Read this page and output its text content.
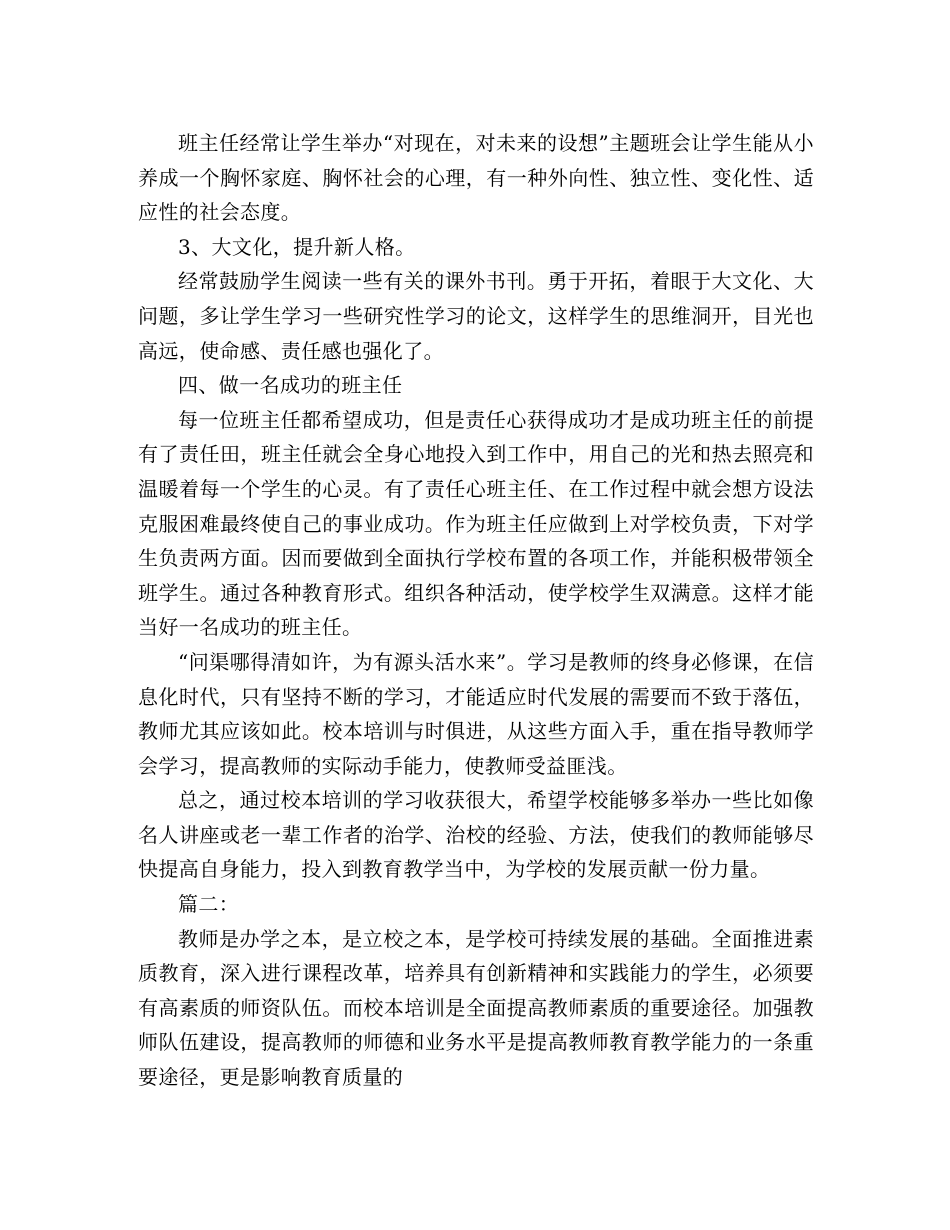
班主任经常让学生举办“对现在，对未来的设想”主题班会让学生能从小养成一个胸怀家庭、胸怀社会的心理，有一种外向性、独立性、变化性、适应性的社会态度。

3、大文化，提升新人格。

经常鼓励学生阅读一些有关的课外书刊。勇于开拓，着眼于大文化、大问题，多让学生学习一些研究性学习的论文，这样学生的思维洞开，目光也高远，使命感、责任感也强化了。

四、做一名成功的班主任

每一位班主任都希望成功，但是责任心获得成功才是成功班主任的前提有了责任田，班主任就会全身心地投入到工作中，用自己的光和热去照亮和温暖着每一个学生的心灵。有了责任心班主任、在工作过程中就会想方设法克服困难最终使自己的事业成功。作为班主任应做到上对学校负责，下对学生负责两方面。因而要做到全面执行学校布置的各项工作，并能积极带领全班学生。通过各种教育形式。组织各种活动，使学校学生双满意。这样才能当好一名成功的班主任。

“问渠哪得清如许，为有源头活水来”。学习是教师的终身必修课，在信息化时代，只有坚持不断的学习，才能适应时代发展的需要而不致于落伍，教师尤其应该如此。校本培训与时俱进，从这些方面入手，重在指导教师学会学习，提高教师的实际动手能力，使教师受益匪浅。

总之，通过校本培训的学习收获很大，希望学校能够多举办一些比如像名人讲座或老一辈工作者的治学、治校的经验、方法，使我们的教师能够尽快提高自身能力，投入到教育教学当中，为学校的发展贡献一份力量。

篇二：

教师是办学之本，是立校之本，是学校可持续发展的基础。全面推进素质教育，深入进行课程改革，培养具有创新精神和实践能力的学生，必须要有高素质的师资队伍。而校本培训是全面提高教师素质的重要途径。加强教师队伍建设，提高教师的师德和业务水平是提高教师教育教学能力的一条重要途径，更是影响教育质量的
